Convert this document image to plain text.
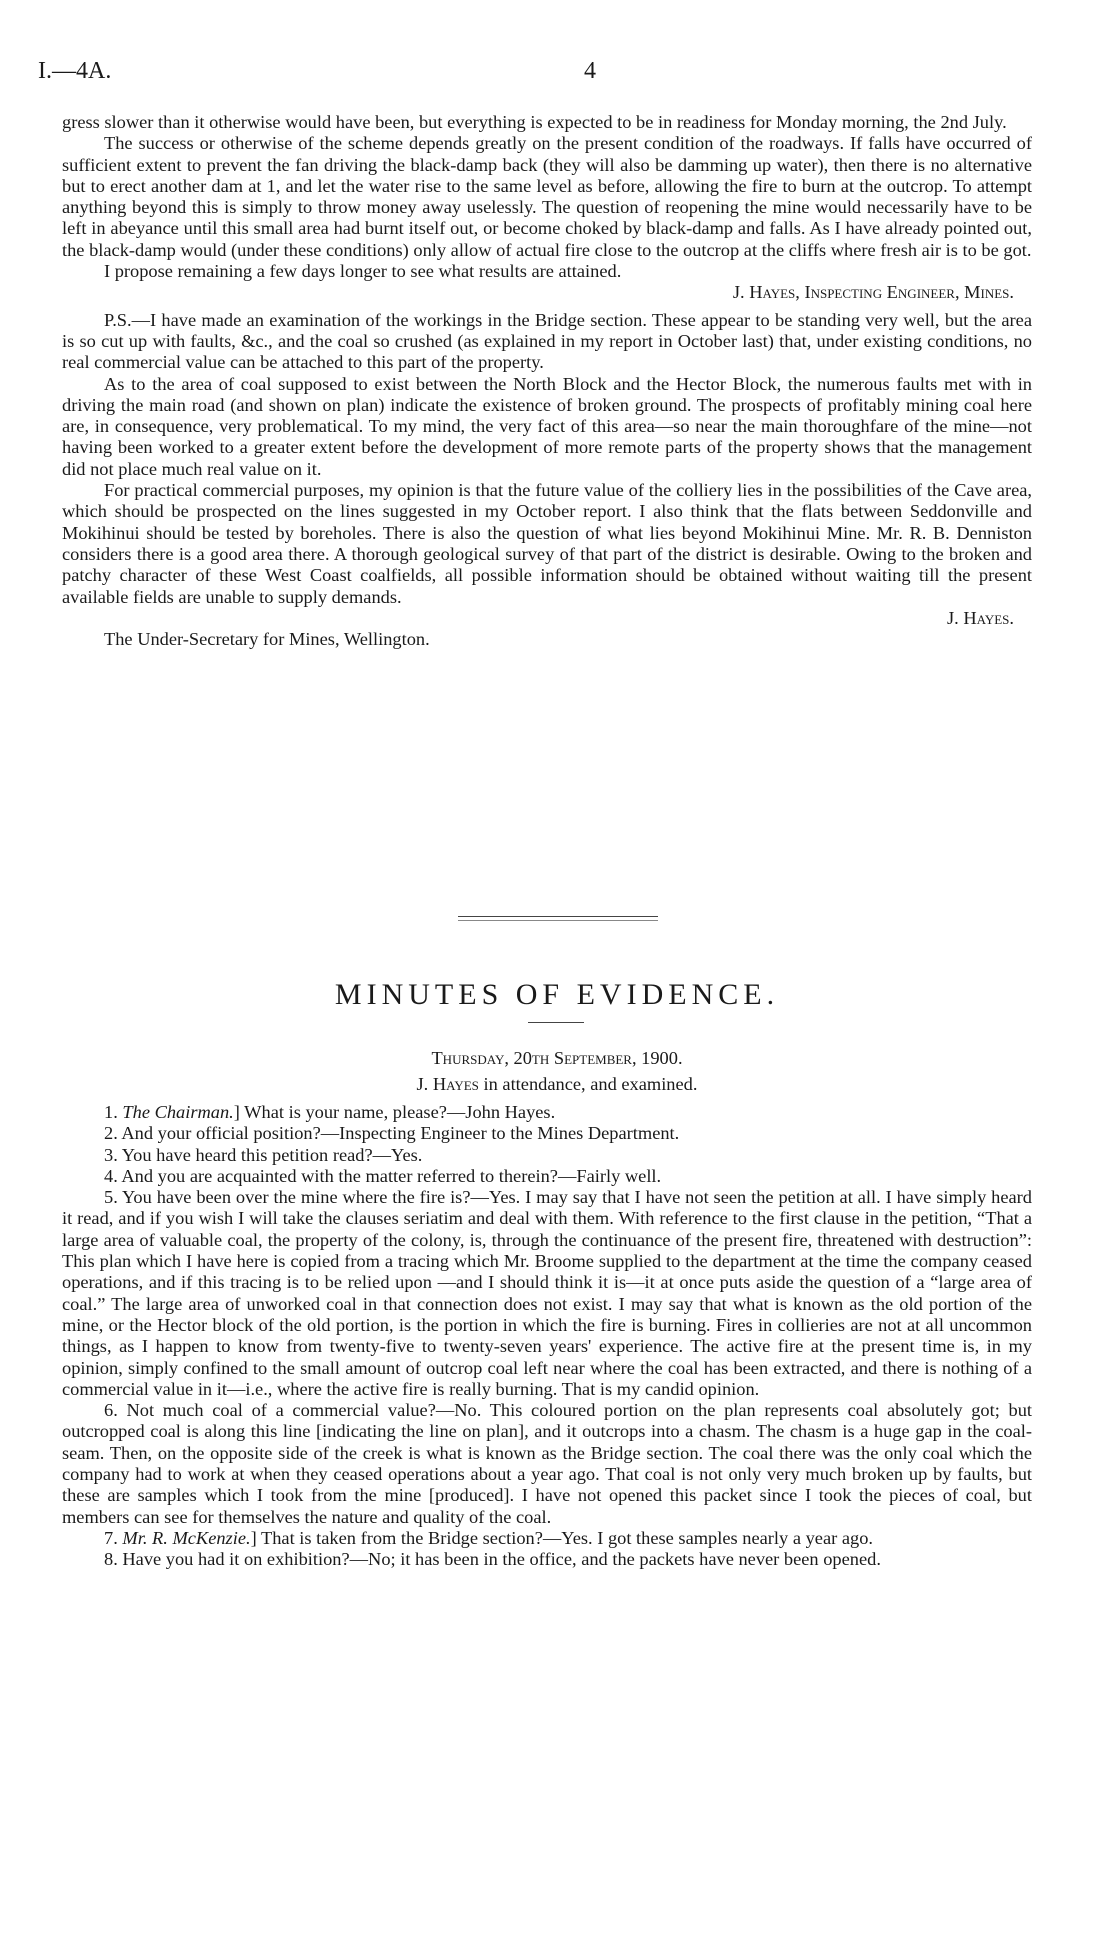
I.—4A.	4

gress slower than it otherwise would have been, but everything is expected to be in readiness for Monday morning, the 2nd July.

The success or otherwise of the scheme depends greatly on the present condition of the roadways. If falls have occurred of sufficient extent to prevent the fan driving the black-damp back (they will also be damming up water), then there is no alternative but to erect another dam at 1, and let the water rise to the same level as before, allowing the fire to burn at the outcrop. To attempt anything beyond this is simply to throw money away uselessly. The question of reopening the mine would necessarily have to be left in abeyance until this small area had burnt itself out, or become choked by black-damp and falls. As I have already pointed out, the black-damp would (under these conditions) only allow of actual fire close to the outcrop at the cliffs where fresh air is to be got.

I propose remaining a few days longer to see what results are attained.

J. Hayes, Inspecting Engineer, Mines.

P.S.—I have made an examination of the workings in the Bridge section. These appear to be standing very well, but the area is so cut up with faults, &c., and the coal so crushed (as explained in my report in October last) that, under existing conditions, no real commercial value can be attached to this part of the property.

As to the area of coal supposed to exist between the North Block and the Hector Block, the numerous faults met with in driving the main road (and shown on plan) indicate the existence of broken ground. The prospects of profitably mining coal here are, in consequence, very problematical. To my mind, the very fact of this area—so near the main thoroughfare of the mine—not having been worked to a greater extent before the development of more remote parts of the property shows that the management did not place much real value on it.

For practical commercial purposes, my opinion is that the future value of the colliery lies in the possibilities of the Cave area, which should be prospected on the lines suggested in my October report. I also think that the flats between Seddonville and Mokihinui should be tested by boreholes. There is also the question of what lies beyond Mokihinui Mine. Mr. R. B. Denniston considers there is a good area there. A thorough geological survey of that part of the district is desirable. Owing to the broken and patchy character of these West Coast coalfields, all possible information should be obtained without waiting till the present available fields are unable to supply demands.

J. Hayes.

The Under-Secretary for Mines, Wellington.

MINUTES OF EVIDENCE.
Thursday, 20th September, 1900.
J. Hayes in attendance, and examined.

1. The Chairman.] What is your name, please?—John Hayes.

2. And your official position?—Inspecting Engineer to the Mines Department.

3. You have heard this petition read?—Yes.

4. And you are acquainted with the matter referred to therein?—Fairly well.

5. You have been over the mine where the fire is?—Yes. I may say that I have not seen the petition at all. I have simply heard it read, and if you wish I will take the clauses seriatim and deal with them. With reference to the first clause in the petition, “That a large area of valuable coal, the property of the colony, is, through the continuance of the present fire, threatened with destruction”: This plan which I have here is copied from a tracing which Mr. Broome supplied to the department at the time the company ceased operations, and if this tracing is to be relied upon —and I should think it is—it at once puts aside the question of a “large area of coal.” The large area of unworked coal in that connection does not exist. I may say that what is known as the old portion of the mine, or the Hector block of the old portion, is the portion in which the fire is burning. Fires in collieries are not at all uncommon things, as I happen to know from twenty-five to twenty-seven years' experience. The active fire at the present time is, in my opinion, simply confined to the small amount of outcrop coal left near where the coal has been extracted, and there is nothing of a commercial value in it—i.e., where the active fire is really burning. That is my candid opinion.

6. Not much coal of a commercial value?—No. This coloured portion on the plan represents coal absolutely got; but outcropped coal is along this line [indicating the line on plan], and it outcrops into a chasm. The chasm is a huge gap in the coal-seam. Then, on the opposite side of the creek is what is known as the Bridge section. The coal there was the only coal which the company had to work at when they ceased operations about a year ago. That coal is not only very much broken up by faults, but these are samples which I took from the mine [produced]. I have not opened this packet since I took the pieces of coal, but members can see for themselves the nature and quality of the coal.

7. Mr. R. McKenzie.] That is taken from the Bridge section?—Yes. I got these samples nearly a year ago.

8. Have you had it on exhibition?—No; it has been in the office, and the packets have never been opened.
